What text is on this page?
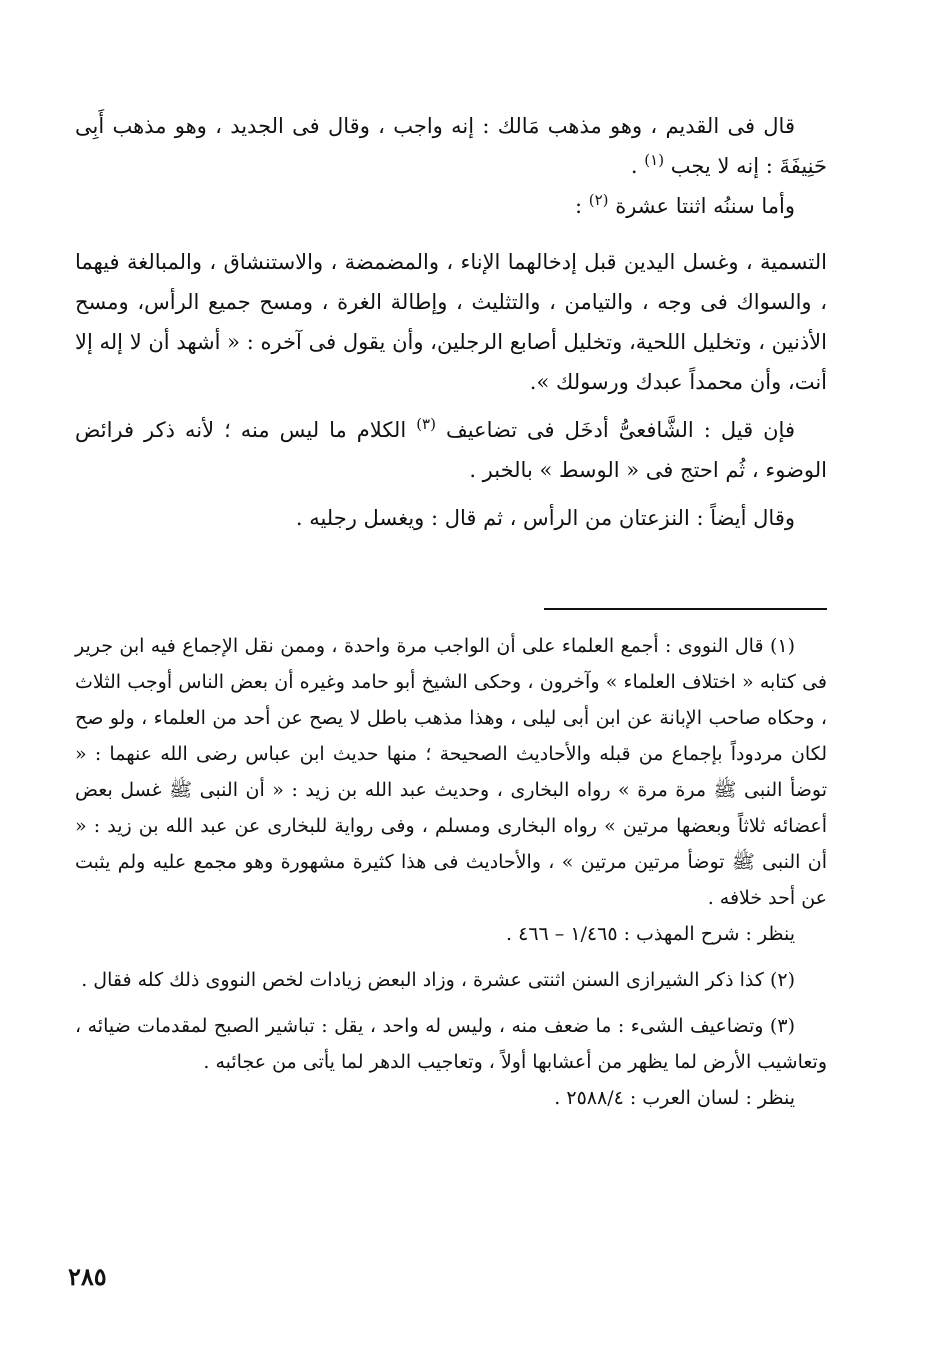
قال فى القديم ، وهو مذهب مَالك : إنه واجب ، وقال فى الجديد ، وهو مذهب أَبِى حَنِيفَةَ : إنه لا يجب $^{(١)}$ .

وأما سننُه اثنتا عشرة $^{(٢)}$ :

التسمية ، وغسل اليدين قبل إدخالهما الإناء ، والمضمضة ، والاستنشاق ، والمبالغة فيهما ، والسواك فى وجه ، والتيامن ، والتثليث ، وإطالة الغرة ، ومسح جميع الرأس، ومسح الأذنين ، وتخليل اللحية، وتخليل أصابع الرجلين، وأن يقول فى آخره : « أشهد أن لا إله إلا أنت، وأن محمداً عبدك ورسولك ».

فإن قيل : الشَّافعىُّ أدخَل فى تضاعيف $^{(٣)}$ الكلام ما ليس منه ؛ لأنه ذكر فرائض الوضوء ، ثُم احتج فى « الوسط » بالخبر .

وقال أيضاً : النزعتان من الرأس ، ثم قال : ويغسل رجليه .

(١) قال النووى : أجمع العلماء على أن الواجب مرة واحدة ، وممن نقل الإجماع فيه ابن جرير فى كتابه « اختلاف العلماء » وآخرون ، وحكى الشيخ أبو حامد وغيره أن بعض الناس أوجب الثلاث ، وحكاه صاحب الإبانة عن ابن أبى ليلى ، وهذا مذهب باطل لا يصح عن أحد من العلماء ، ولو صح لكان مردوداً بإجماع من قبله والأحاديث الصحيحة ؛ منها حديث ابن عباس رضى الله عنهما : « توضأ النبى ﷺ مرة مرة » رواه البخارى ، وحديث عبد الله بن زيد : « أن النبى ﷺ غسل بعض أعضائه ثلاثاً وبعضها مرتين » رواه البخارى ومسلم ، وفى رواية للبخارى عن عبد الله بن زيد : « أن النبى ﷺ توضأ مرتين مرتين » ، والأحاديث فى هذا كثيرة مشهورة وهو مجمع عليه ولم يثبت عن أحد خلافه .

ينظر : شرح المهذب : ١/٤٦٥ – ٤٦٦ .

(٢) كذا ذكر الشيرازى السنن اثنتى عشرة ، وزاد البعض زيادات لخص النووى ذلك كله فقال .

(٣) وتضاعيف الشىء : ما ضعف منه ، وليس له واحد ، يقل : تباشير الصبح لمقدمات ضيائه ، وتعاشيب الأرض لما يظهر من أعشابها أولاً ، وتعاجيب الدهر لما يأتى من عجائبه .

ينظر : لسان العرب : ٢٥٨٨/٤ .

٢٨٥
